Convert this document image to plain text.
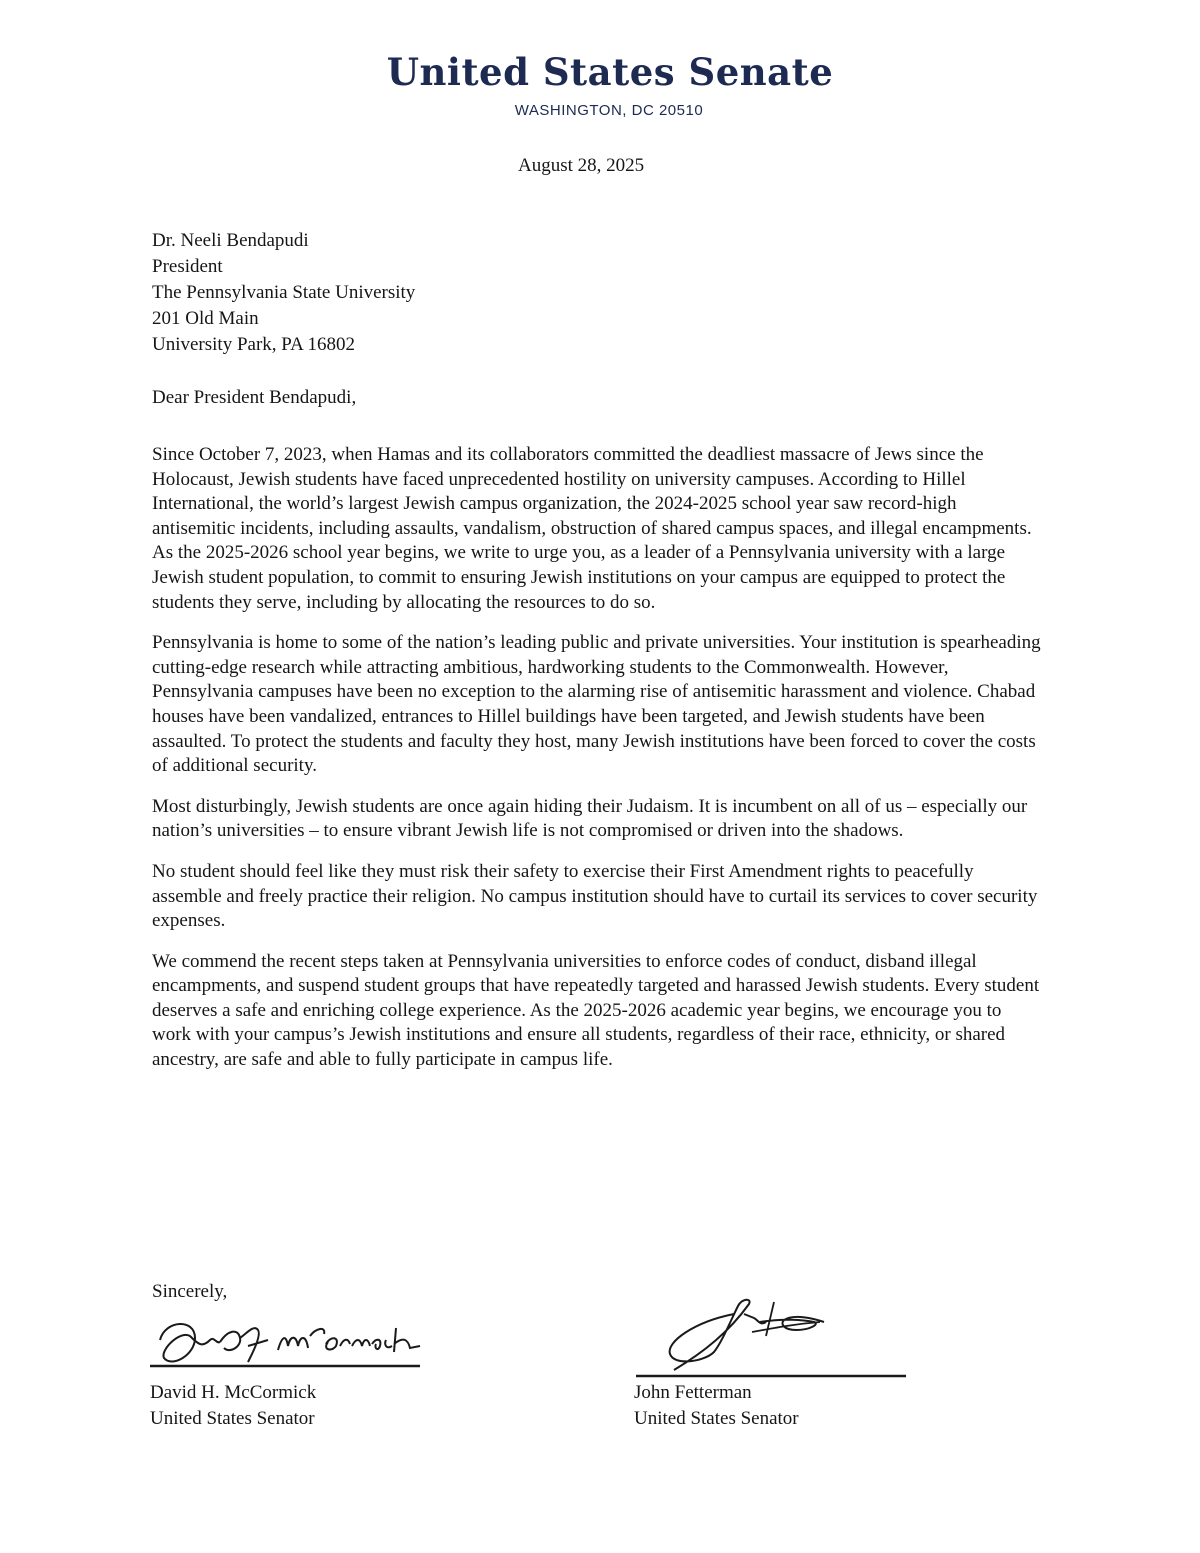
United States Senate
WASHINGTON, DC 20510
August 28, 2025
Dr. Neeli Bendapudi
President
The Pennsylvania State University
201 Old Main
University Park, PA 16802
Dear President Bendapudi,

Since October 7, 2023, when Hamas and its collaborators committed the deadliest massacre of Jews since the Holocaust, Jewish students have faced unprecedented hostility on university campuses. According to Hillel International, the world’s largest Jewish campus organization, the 2024-2025 school year saw record-high antisemitic incidents, including assaults, vandalism, obstruction of shared campus spaces, and illegal encampments. As the 2025-2026 school year begins, we write to urge you, as a leader of a Pennsylvania university with a large Jewish student population, to commit to ensuring Jewish institutions on your campus are equipped to protect the students they serve, including by allocating the resources to do so.

Pennsylvania is home to some of the nation’s leading public and private universities. Your institution is spearheading cutting-edge research while attracting ambitious, hardworking students to the Commonwealth. However, Pennsylvania campuses have been no exception to the alarming rise of antisemitic harassment and violence. Chabad houses have been vandalized, entrances to Hillel buildings have been targeted, and Jewish students have been assaulted. To protect the students and faculty they host, many Jewish institutions have been forced to cover the costs of additional security.

Most disturbingly, Jewish students are once again hiding their Judaism. It is incumbent on all of us – especially our nation’s universities – to ensure vibrant Jewish life is not compromised or driven into the shadows.

No student should feel like they must risk their safety to exercise their First Amendment rights to peacefully assemble and freely practice their religion. No campus institution should have to curtail its services to cover security expenses.

We commend the recent steps taken at Pennsylvania universities to enforce codes of conduct, disband illegal encampments, and suspend student groups that have repeatedly targeted and harassed Jewish students. Every student deserves a safe and enriching college experience. As the 2025-2026 academic year begins, we encourage you to work with your campus’s Jewish institutions and ensure all students, regardless of their race, ethnicity, or shared ancestry, are safe and able to fully participate in campus life.

Sincerely,
David H. McCormick
United States Senator
John Fetterman
United States Senator
